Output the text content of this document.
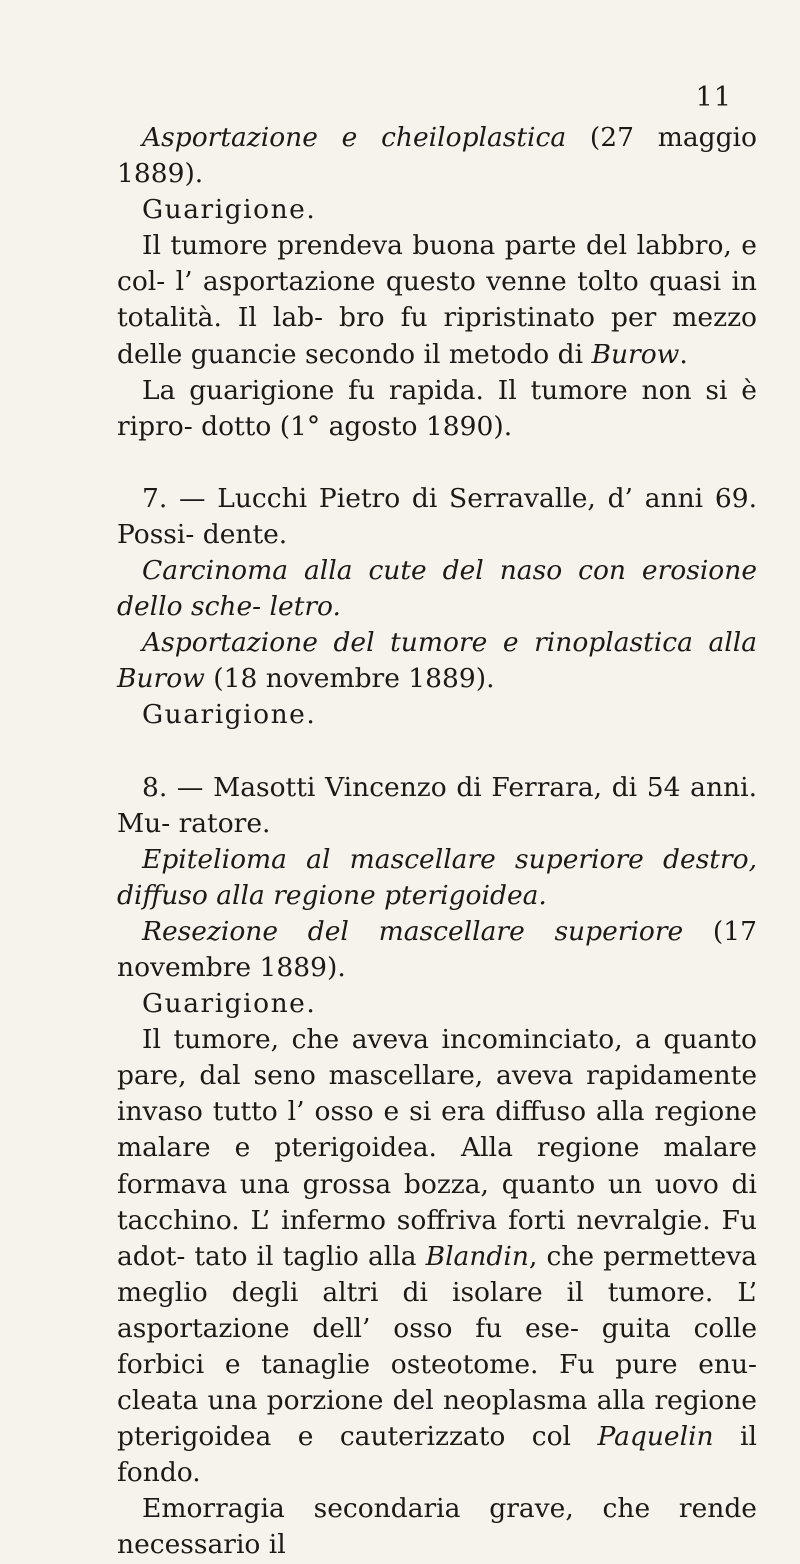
11

Asportazione e cheiloplastica (27 maggio 1889).

Guarigione.

Il tumore prendeva buona parte del labbro, e col- l’ asportazione questo venne tolto quasi in totalità. Il lab- bro fu ripristinato per mezzo delle guancie secondo il metodo di Burow.

La guarigione fu rapida. Il tumore non si è ripro- dotto (1° agosto 1890).

7. — Lucchi Pietro di Serravalle, d’ anni 69. Possi- dente.

Carcinoma alla cute del naso con erosione dello sche- letro.

Asportazione del tumore e rinoplastica alla Burow (18 novembre 1889).

Guarigione.

8. — Masotti Vincenzo di Ferrara, di 54 anni. Mu- ratore.

Epitelioma al mascellare superiore destro, diffuso alla regione pterigoidea.

Resezione del mascellare superiore (17 novembre 1889).

Guarigione.

Il tumore, che aveva incominciato, a quanto pare, dal seno mascellare, aveva rapidamente invaso tutto l’ osso e si era diffuso alla regione malare e pterigoidea. Alla regione malare formava una grossa bozza, quanto un uovo di tacchino. L’ infermo soffriva forti nevralgie. Fu adot- tato il taglio alla Blandin, che permetteva meglio degli altri di isolare il tumore. L’ asportazione dell’ osso fu ese- guita colle forbici e tanaglie osteotome. Fu pure enu- cleata una porzione del neoplasma alla regione pterigoidea e cauterizzato col Paquelin il fondo.

Emorragia secondaria grave, che rende necessario il
